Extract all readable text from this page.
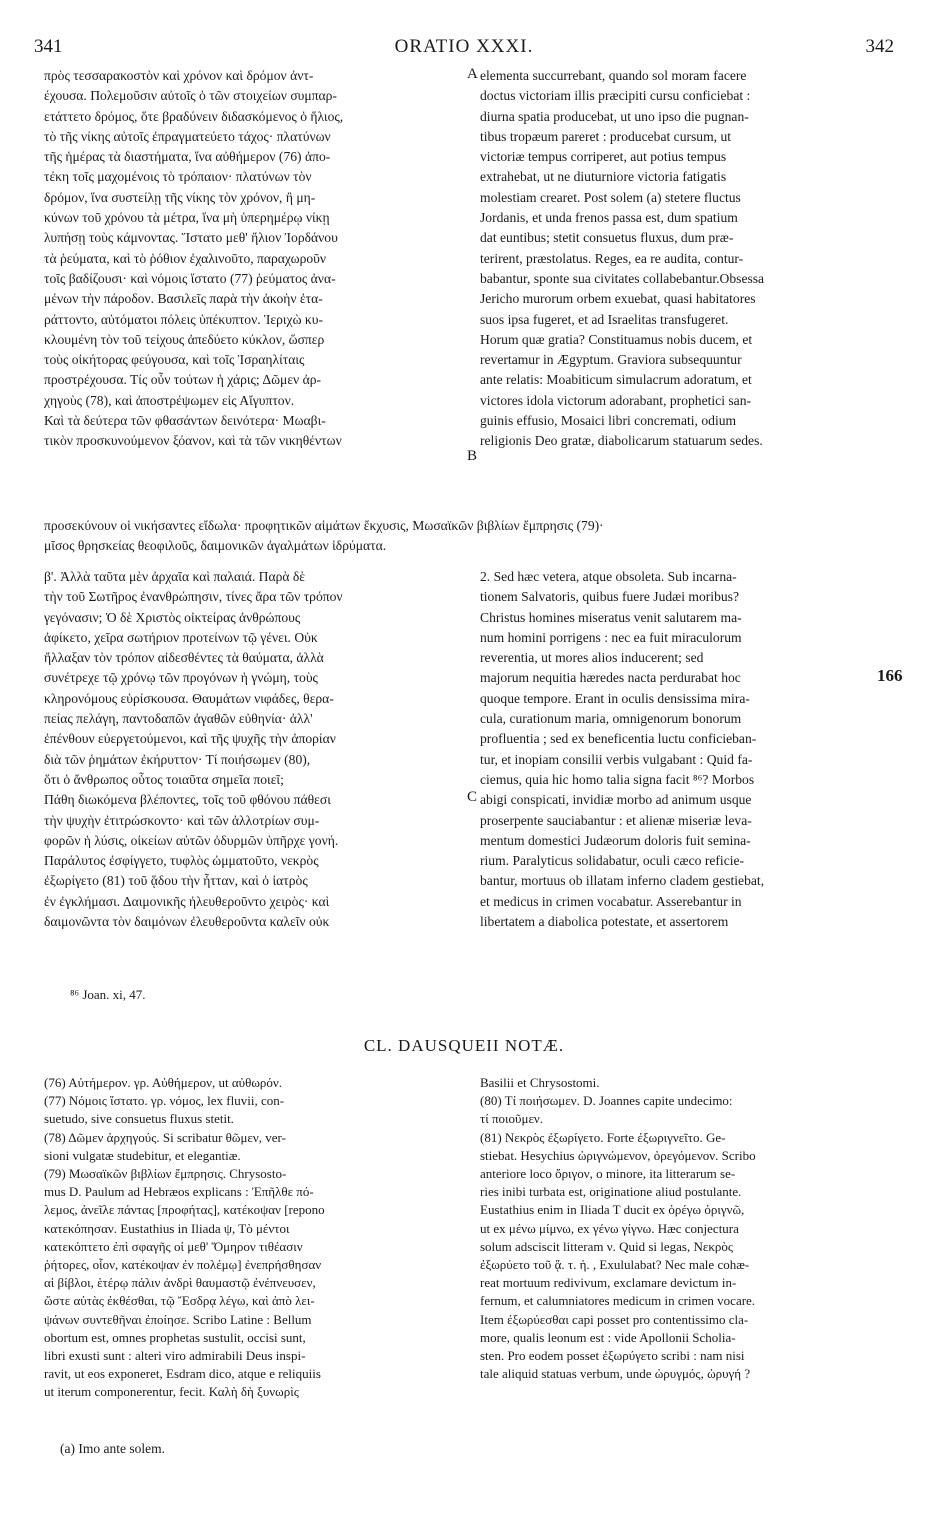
341	ORATIO XXXI.	342
A
B
C
πρὸς τεσσαρακοστὸν καὶ χρόνον καὶ δρόμον ἀντ-
έχουσα. Πολεμοῦσιν αὐτοῖς ὁ τῶν στοιχείων συμπαρ-
ετάττετο δρόμος, ὅτε βραδύνειν διδασκόμενος ὁ ἥλιος,
τὸ τῆς νίκης αὐτοῖς ἐπραγματεύετο τάχος· πλατύνων
τῆς ἡμέρας τὰ διαστήματα, ἵνα αὐθήμερον (76) ἀπο-
τέκη τοῖς μαχομένοις τὸ τρόπαιον· πλατύνων τὸν
δρόμον, ἵνα συστείλῃ τῆς νίκης τὸν χρόνον, ἢ μη-
κύνων τοῦ χρόνου τὰ μέτρα, ἵνα μὴ ὑπερημέρῳ νίκῃ
λυπήσῃ τοὺς κάμνοντας. Ἵστατο μεθ' ἥλιον Ἰορδάνου
τὰ ῥεύματα, καὶ τὸ ῥόθιον ἐχαλινοῦτο, παραχωροῦν
τοῖς βαδίζουσι· καὶ νόμοις ἵστατο (77) ῥεύματος ἀνα-
μένων τὴν πάροδον. Βασιλεῖς παρὰ τὴν ἀκοὴν ἐτα-
ράττοντο, αὐτόματοι πόλεις ὑπέκυπτον. Ἱεριχὼ κυ-
κλουμένη τὸν τοῦ τείχους ἀπεδύετο κύκλον, ὥσπερ
τοὺς οἰκήτορας φεύγουσα, καὶ τοῖς Ἰσραηλίταις
προστρέχουσα. Τίς οὖν τούτων ἡ χάρις; Δῶμεν ἀρ-
χηγοὺς (78), καὶ ἀποστρέψωμεν εἰς Αἴγυπτον.
Καὶ τὰ δεύτερα τῶν φθασάντων δεινότερα· Μωαβι-
τικὸν προσκυνούμενον ξόανον, καὶ τὰ τῶν νικηθέντων
elementa succurrebant, quando sol moram facere
doctus victoriam illis præcipiti cursu conficiebat :
diurna spatia producebat, ut uno ipso die pugnan-
tibus tropæum pareret : producebat cursum, ut
victoriæ tempus corriperet, aut potius tempus
extrahebat, ut ne diuturniore victoria fatigatis
molestiam crearet. Post solem (a) stetere fluctus
Jordanis, et unda frenos passa est, dum spatium
dat euntibus; stetit consuetus fluxus, dum præ-
terirent, præstolatus. Reges, ea re audita, contur-
babantur, sponte sua civitates collabebantur.Obsessa
Jericho murorum orbem exuebat, quasi habitatores
suos ipsa fugeret, et ad Israelitas transfugeret.
Horum quæ gratia? Constituamus nobis ducem, et
revertamur in Ægyptum. Graviora subsequuntur
ante relatis: Moabiticum simulacrum adoratum, et
victores idola victorum adorabant, prophetici san-
guinis effusio, Mosaici libri concremati, odium
religionis Deo gratæ, diabolicarum statuarum sedes.
προσεκύνουν οἱ νικήσαντες εἴδωλα· προφητικῶν αἱμάτων ἔκχυσις, Μωσαϊκῶν βιβλίων ἔμπρησις (79)·
μῖσος θρησκείας θεοφιλοῦς, δαιμονικῶν ἀγαλμάτων ἱδρύματα.
β'. Ἀλλὰ ταῦτα μὲν ἀρχαῖα καὶ παλαιά. Παρὰ δὲ
τὴν τοῦ Σωτῆρος ἐνανθρώπησιν, τίνες ἄρα τῶν τρόπον
γεγόνασιν; Ὁ δὲ Χριστὸς οἰκτείρας ἀνθρώπους
ἀφίκετο, χεῖρα σωτήριον προτείνων τῷ γένει. Οὐκ
ἤλλαξαν τὸν τρόπον αἰδεσθέντες τὰ θαύματα, ἀλλὰ
συνέτρεχε τῷ χρόνῳ τῶν προγόνων ἡ γνώμη, τοὺς
κληρονόμους εὑρίσκουσα. Θαυμάτων νιφάδες, θερα-
πείας πελάγη, παντοδαπῶν ἀγαθῶν εὐθηνία· ἀλλ'
ἐπένθουν εὐεργετούμενοι, καὶ τῆς ψυχῆς τὴν ἀπορίαν
διὰ τῶν ῥημάτων ἐκήρυττον· Τί ποιήσωμεν (80),
ὅτι ὁ ἄνθρωπος οὗτος τοιαῦτα σημεῖα ποιεῖ;
Πάθη διωκόμενα βλέποντες, τοῖς τοῦ φθόνου πάθεσι
τὴν ψυχὴν ἐτιτρώσκοντο· καὶ τῶν ἀλλοτρίων συμ-
φορῶν ἡ λύσις, οἰκείων αὐτῶν ὀδυρμῶν ὑπῆρχε γονή.
Παράλυτος ἐσφίγγετο, τυφλὸς ὠμματοῦτο, νεκρὸς
ἐξωρίγετο (81) τοῦ ᾅδου τὴν ἧτταν, καὶ ὁ ἰατρὸς
ἐν ἐγκλήμασι. Δαιμονικῆς ἠλευθεροῦντο χειρὸς· καὶ
δαιμονῶντα τὸν δαιμόνων ἐλευθεροῦντα καλεῖν οὐκ
2. Sed hæc vetera, atque obsoleta. Sub incarna-
tionem Salvatoris, quibus fuere Judæi moribus?
Christus homines miseratus venit salutarem ma-
num homini porrigens : nec ea fuit miraculorum
reverentia, ut mores alios inducerent; sed
majorum nequitia hæredes nacta perdurabat hoc
quoque tempore. Erant in oculis densissima mira-
cula, curationum maria, omnigenorum bonorum
profluentia ; sed ex beneficentia luctu conficieban-
tur, et inopiam consilii verbis vulgabant : Quid fa-
ciemus, quia hic homo talia signa facit ⁸⁶? Morbos
abigi conspicati, invidiæ morbo ad animum usque
proserpente sauciabantur : et alienæ miseriæ leva-
mentum domestici Judæorum doloris fuit semina-
rium. Paralyticus solidabatur, oculi cæco reficie-
bantur, mortuus ob illatam inferno cladem gestiebat,
et medicus in crimen vocabatur. Asserebantur in
libertatem a diabolica potestate, et assertorem
166
⁸⁶ Joan. xi, 47.
CL. DAUSQUEII NOTÆ.
(76) Αὐτήμερον. γρ. Αὐθήμερον, ut αὐθωρόν.
(77) Νόμοις ἵστατο. γρ. νόμος, lex fluvii, con-
suetudo, sive consuetus fluxus stetit.
(78) Δῶμεν ἀρχηγούς. Si scribatur θῶμεν, ver-
sioni vulgatæ studebitur, et elegantiæ.
(79) Μωσαϊκῶν βιβλίων ἔμπρησις. Chrysosto-
mus D. Paulum ad Hebræos explicans : Ἐπῆλθε πό-
λεμος, ἀνεῖλε πάντας [προφήτας], κατέκοψαν [repono
κατεκόπησαν. Eustathius in Iliada ψ, Τὸ μέντοι
κατεκόπτετο ἐπὶ σφαγῆς οἱ μεθ' Ὅμηρον τιθέασιν
ῥήτορες, οἷον, κατέκοψαν ἐν πολέμῳ] ἐνεπρήσθησαν
αἱ βίβλοι, ἑτέρῳ πάλιν ἀνδρὶ θαυμαστῷ ἐνέπνευσεν,
ὥστε αὐτὰς ἐκθέσθαι, τῷ Ἔσδρᾳ λέγω, καὶ ἀπὸ λει-
ψάνων συντεθῆναι ἐποίησε. Scribo Latine : Bellum
obortum est, omnes prophetas sustulit, occisi sunt,
libri exusti sunt : alteri viro admirabili Deus inspi-
ravit, ut eos exponeret, Esdram dico, atque e reliquiis
ut iterum componerentur, fecit. Καλὴ δὴ ξυνωρὶς
Basilii et Chrysostomi.
(80) Τί ποιήσωμεν. D. Joannes capite undecimo:
τί ποιοῦμεν.
(81) Νεκρὸς ἐξωρίγετο. Forte ἐξωριγνεῖτο. Ge-
stiebat. Hesychius ὠριγνώμενον, ὀρεγόμενον. Scribo
anteriore loco ὄριγον, o minore, ita litterarum se-
ries inibi turbata est, originatione aliud postulante.
Eustathius enim in Iliada T ducit ex ὀρέγω ὀριγνῶ,
ut ex μένω μίμνω, ex γένω γίγνω. Hæc conjectura
solum adsciscit litteram ν. Quid si legas, Νεκρὸς
ἐξωρύετο τοῦ ᾅ. τ. ἡ. , Exululabat? Nec male cohæ-
reat mortuum redivivum, exclamare devictum in-
fernum, et calumniatores medicum in crimen vocare.
Item ἐξωρύεσθαι capi posset pro contentissimo cla-
more, qualis leonum est : vide Apollonii Scholia-
sten. Pro eodem posset ἐξωρύγετο scribi : nam nisi
tale aliquid statuas verbum, unde ὠρυγμός, ὠρυγή ?
(a) Imo ante solem.
